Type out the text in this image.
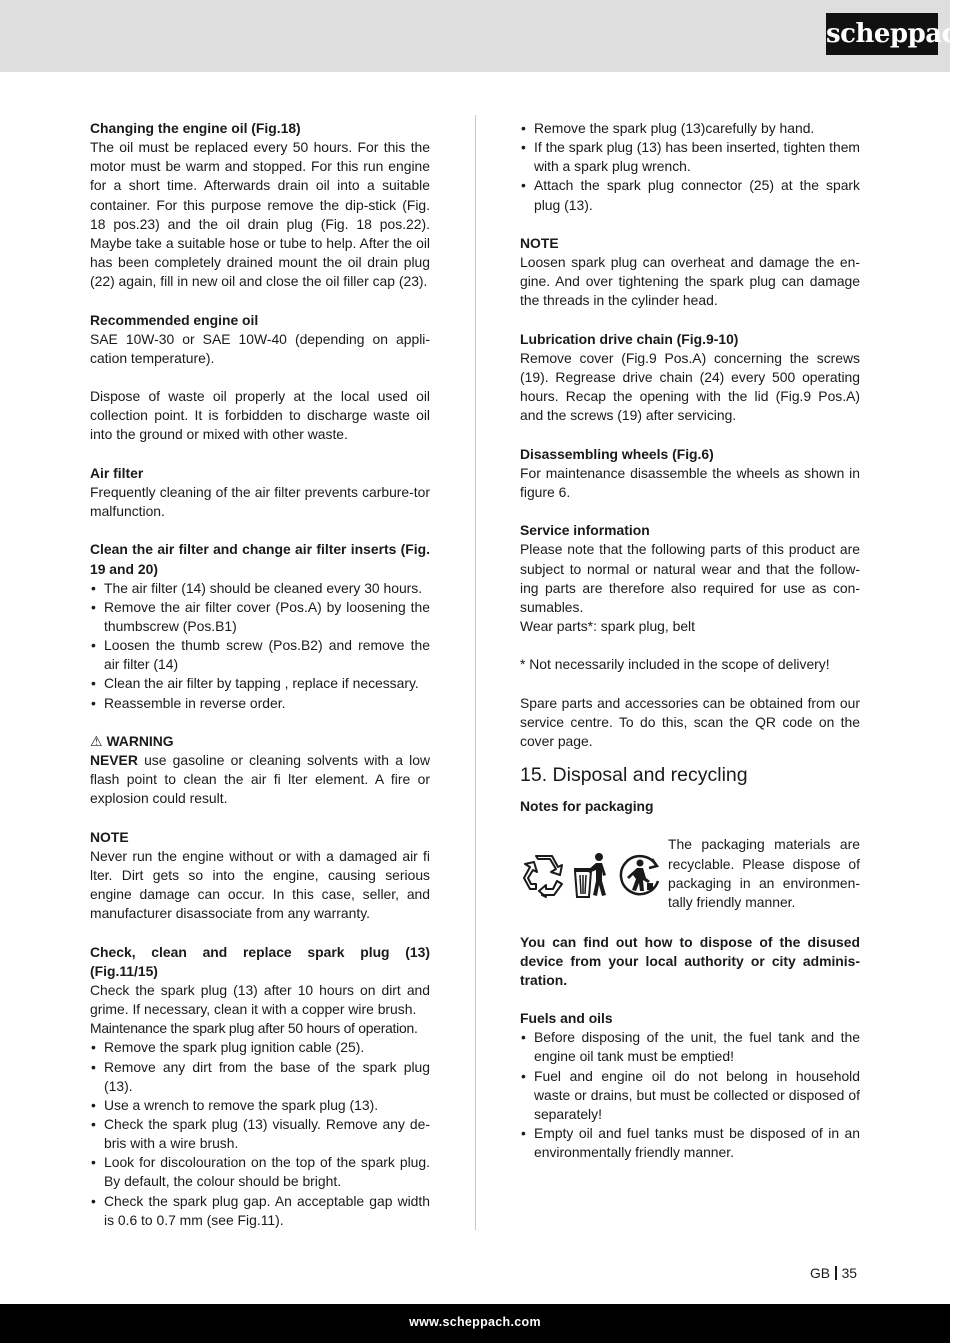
scheppach
Changing the engine oil (Fig.18)

The oil must be replaced every 50 hours. For this the motor must be warm and stopped. For this run engine for a short time. Afterwards drain oil into a suitable container. For this purpose remove the dip-stick (Fig. 18 pos.23) and the oil drain plug (Fig. 18 pos.22). Maybe take a suitable hose or tube to help. After the oil has been completely drained mount the oil drain plug (22) again, fill in new oil and close the oil filler cap (23).

Recommended engine oil

SAE 10W-30 or SAE 10W-40 (depending on appli-cation temperature).

Dispose of waste oil properly at the local used oil collection point. It is forbidden to discharge waste oil into the ground or mixed with other waste.

Air filter

Frequently cleaning of the air filter prevents carbure-tor malfunction.

Clean the air filter and change air filter inserts (Fig. 19 and 20)
• The air filter (14) should be cleaned every 30 hours.
• Remove the air filter cover (Pos.A) by loosening the thumbscrew (Pos.B1)
• Loosen the thumb screw (Pos.B2) and remove the air filter (14)
• Clean the air filter by tapping , replace if necessary.
• Reassemble in reverse order.
⚠ WARNING

NEVER use gasoline or cleaning solvents with a low flash point to clean the air fi lter element. A fire or explosion could result.

NOTE

Never run the engine without or with a damaged air fi lter. Dirt gets so into the engine, causing serious engine damage can occur. In this case, seller, and manufacturer disassociate from any warranty.

Check, clean and replace spark plug (13) (Fig.11/15)

Check the spark plug (13) after 10 hours on dirt and grime. If necessary, clean it with a copper wire brush.

Maintenance the spark plug after 50 hours of operation.

• Remove the spark plug ignition cable (25).
• Remove any dirt from the base of the spark plug (13).
• Use a wrench to remove the spark plug (13).
• Check the spark plug (13) visually. Remove any de-bris with a wire brush.
• Look for discolouration on the top of the spark plug. By default, the colour should be bright.
• Check the spark plug gap. An acceptable gap width is 0.6 to 0.7 mm (see Fig.11).
• Remove the spark plug (13)carefully by hand.
• If the spark plug (13) has been inserted, tighten them with a spark plug wrench.
• Attach the spark plug connector (25) at the spark plug (13).
NOTE

Loosen spark plug can overheat and damage the en-gine. And over tightening the spark plug can damage the threads in the cylinder head.

Lubrication drive chain (Fig.9-10)

Remove cover (Fig.9 Pos.A) concerning the screws (19). Regrease drive chain (24) every 500 operating hours. Recap the opening with the lid (Fig.9 Pos.A) and the screws (19) after servicing.

Disassembling wheels (Fig.6)

For maintenance disassemble the wheels as shown in figure 6.

Service information

Please note that the following parts of this product are subject to normal or natural wear and that the follow-ing parts are therefore also required for use as con-sumables.

Wear parts*: spark plug, belt

* Not necessarily included in the scope of delivery!

Spare parts and accessories can be obtained from our service centre. To do this, scan the QR code on the cover page.

15. Disposal and recycling
Notes for packaging

The packaging materials are recyclable. Please dispose of packaging in an environmen-tally friendly manner.

You can find out how to dispose of the disused device from your local authority or city adminis-tration.
Fuels and oils
• Before disposing of the unit, the fuel tank and the engine oil tank must be emptied!
• Fuel and engine oil do not belong in household waste or drains, but must be collected or disposed of separately!
• Empty oil and fuel tanks must be disposed of in an environmentally friendly manner.
GB 35
www.scheppach.com
